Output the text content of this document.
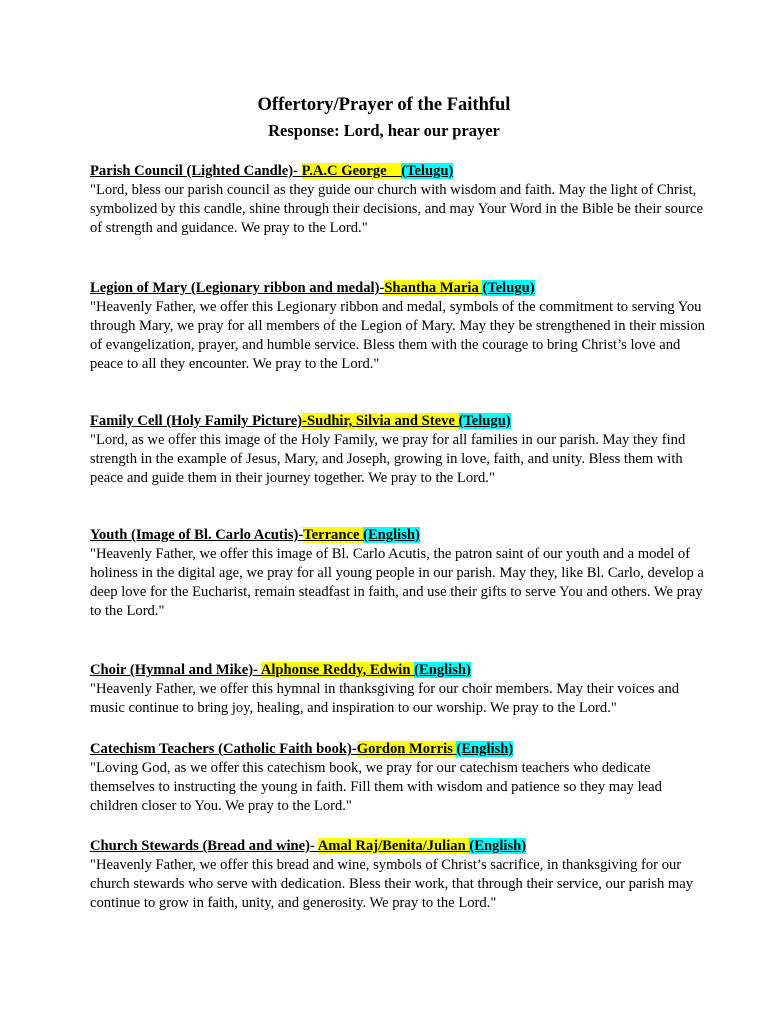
Offertory/Prayer of the Faithful
Response: Lord, hear our prayer
Parish Council (Lighted Candle)- P.A.C George    (Telugu)
"Lord, bless our parish council as they guide our church with wisdom and faith. May the light of Christ,
symbolized by this candle, shine through their decisions, and may Your Word in the Bible be their source
of strength and guidance. We pray to the Lord."
Legion of Mary (Legionary ribbon and medal)-Shantha Maria (Telugu)
"Heavenly Father, we offer this Legionary ribbon and medal, symbols of the commitment to serving You
through Mary, we pray for all members of the Legion of Mary. May they be strengthened in their mission
of evangelization, prayer, and humble service. Bless them with the courage to bring Christ’s love and
peace to all they encounter. We pray to the Lord."
Family Cell (Holy Family Picture)-Sudhir, Silvia and Steve (Telugu)
"Lord, as we offer this image of the Holy Family, we pray for all families in our parish. May they find
strength in the example of Jesus, Mary, and Joseph, growing in love, faith, and unity. Bless them with
peace and guide them in their journey together. We pray to the Lord."
Youth (Image of Bl. Carlo Acutis)-Terrance (English)
"Heavenly Father, we offer this image of Bl. Carlo Acutis, the patron saint of our youth and a model of
holiness in the digital age, we pray for all young people in our parish. May they, like Bl. Carlo, develop a
deep love for the Eucharist, remain steadfast in faith, and use their gifts to serve You and others. We pray
to the Lord."
Choir (Hymnal and Mike)- Alphonse Reddy, Edwin (English)
"Heavenly Father, we offer this hymnal in thanksgiving for our choir members. May their voices and
music continue to bring joy, healing, and inspiration to our worship. We pray to the Lord."
Catechism Teachers (Catholic Faith book)-Gordon Morris (English)
"Loving God, as we offer this catechism book, we pray for our catechism teachers who dedicate
themselves to instructing the young in faith. Fill them with wisdom and patience so they may lead
children closer to You. We pray to the Lord."
Church Stewards (Bread and wine)- Amal Raj/Benita/Julian (English)
"Heavenly Father, we offer this bread and wine, symbols of Christ’s sacrifice, in thanksgiving for our
church stewards who serve with dedication. Bless their work, that through their service, our parish may
continue to grow in faith, unity, and generosity. We pray to the Lord."
